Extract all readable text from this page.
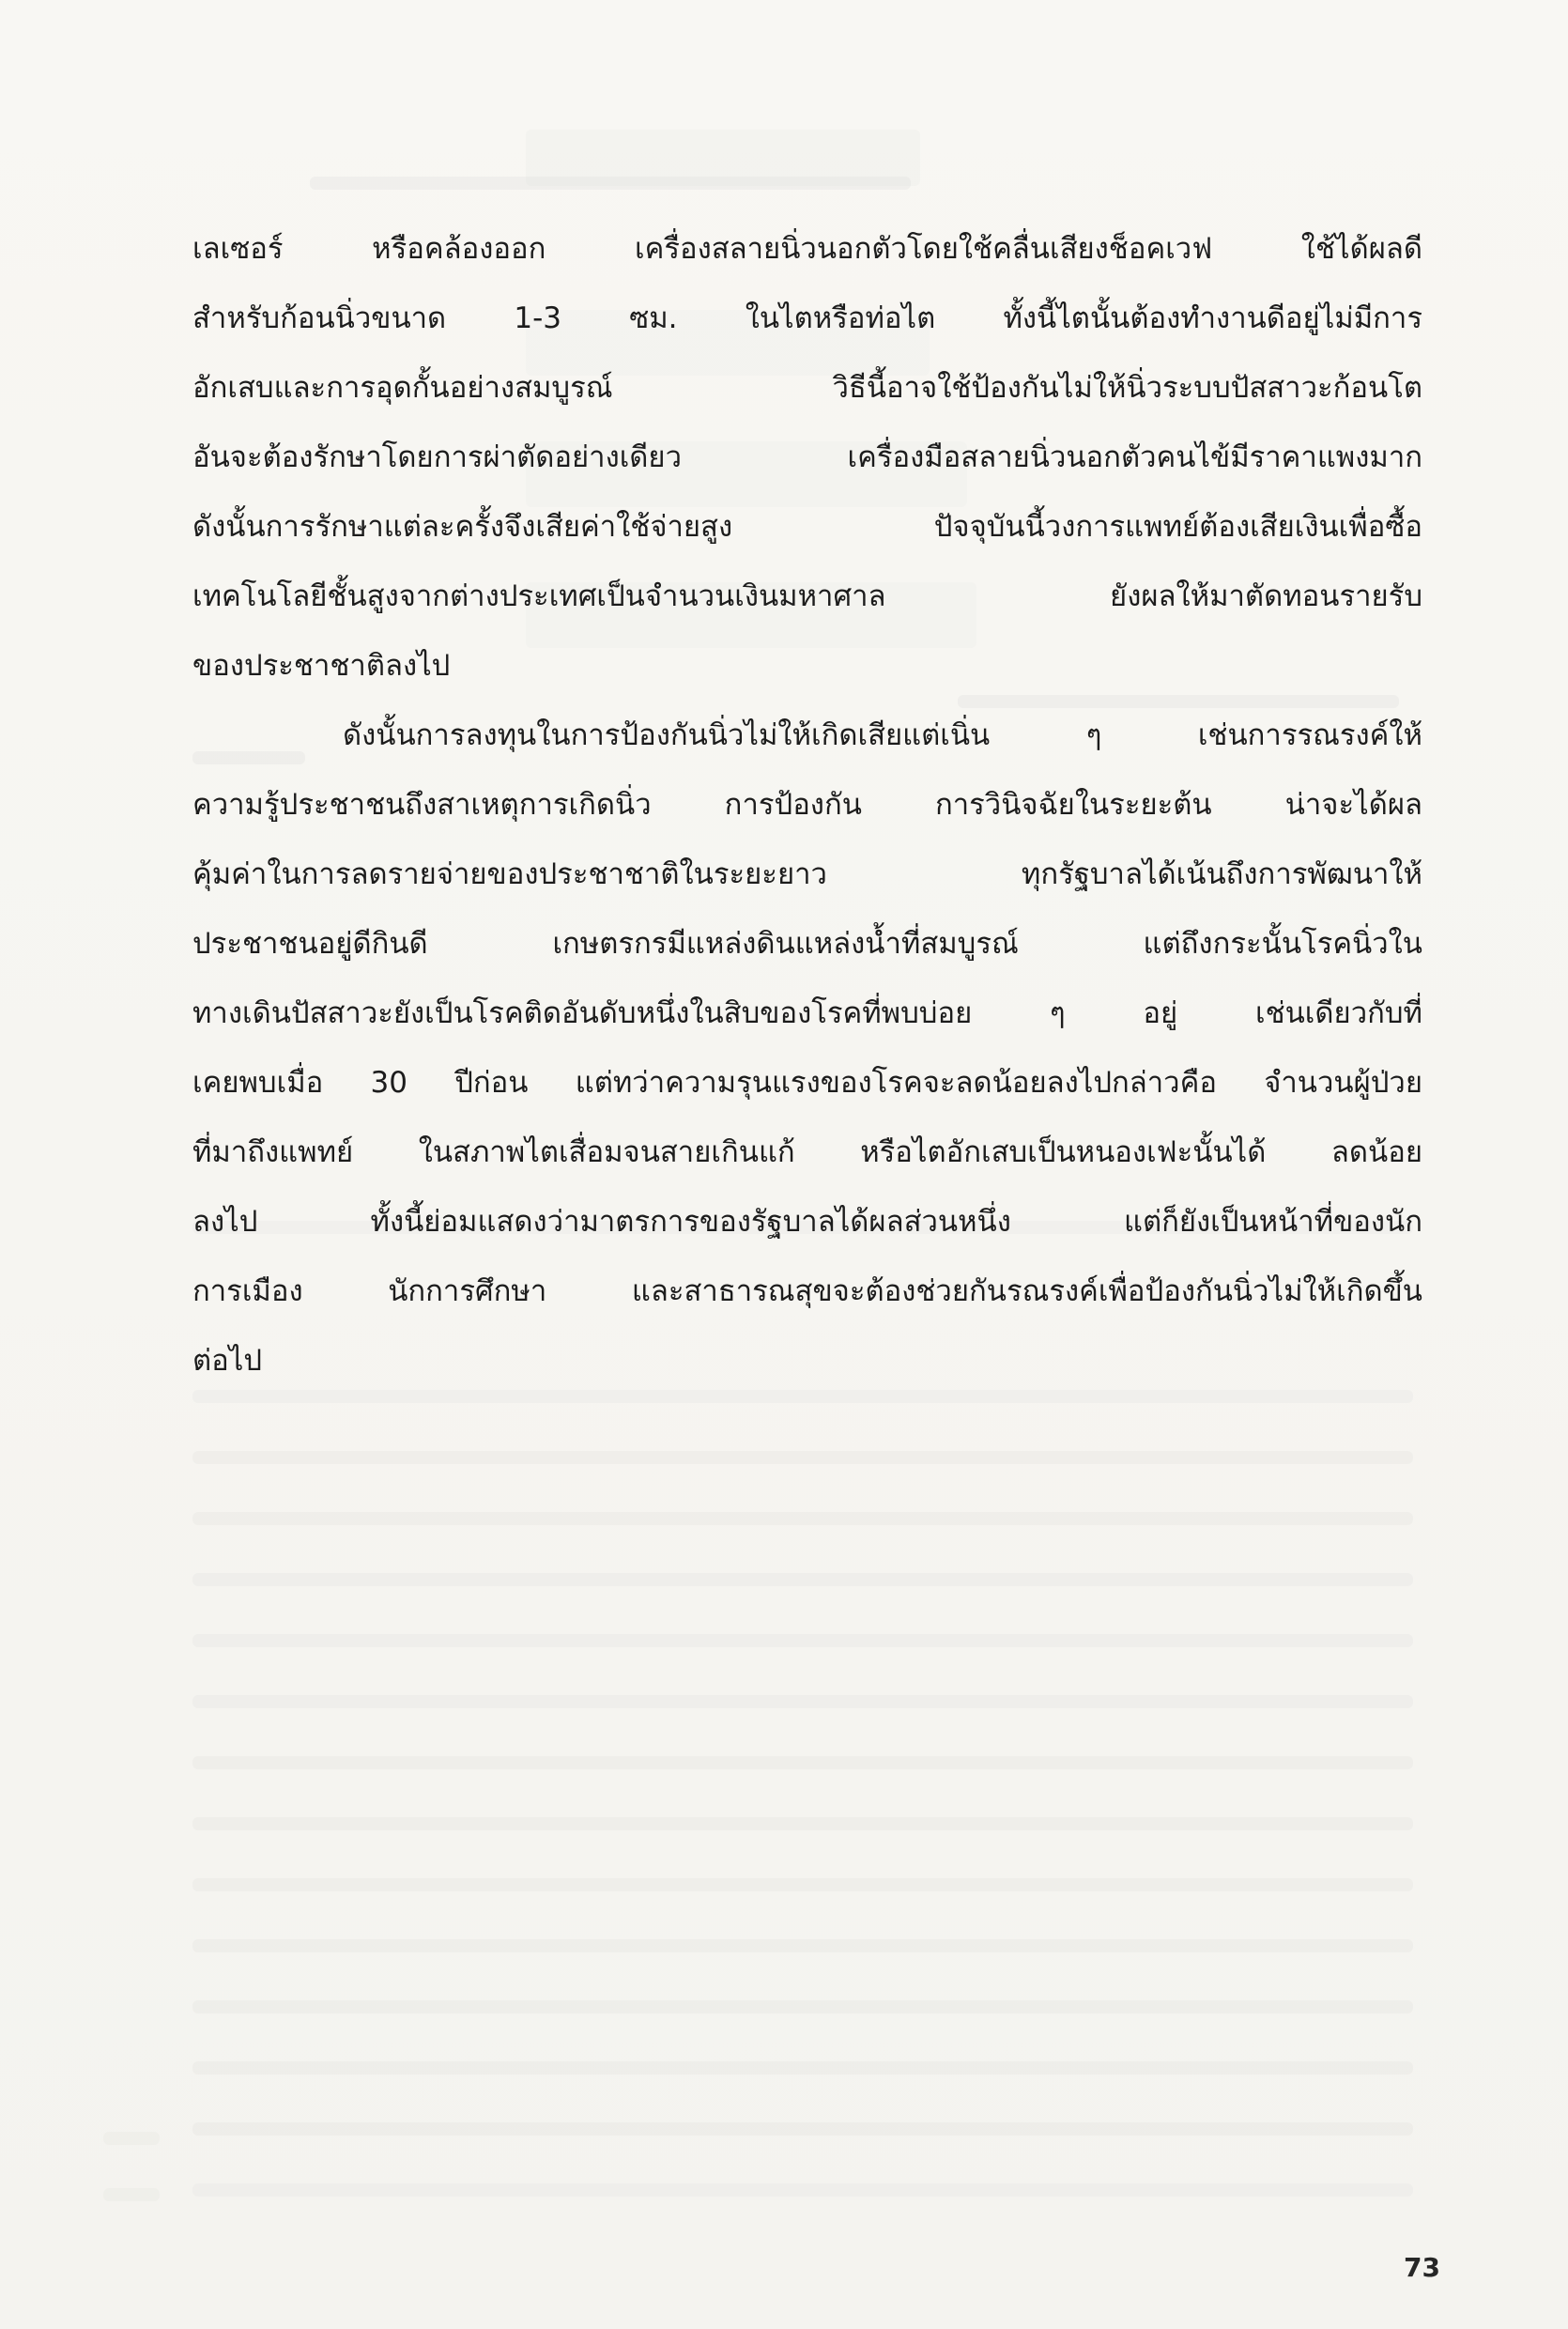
เลเซอร์ หรือคล้องออก เครื่องสลายนิ่วนอกตัวโดยใช้คลื่นเสียงช็อคเวฟ ใช้ได้ผลดี
สำหรับก้อนนิ่วขนาด 1-3 ซม. ในไตหรือท่อไต ทั้งนี้ไตนั้นต้องทำงานดีอยู่ไม่มีการ
อักเสบและการอุดกั้นอย่างสมบูรณ์ วิธีนี้อาจใช้ป้องกันไม่ให้นิ่วระบบปัสสาวะก้อนโต
อันจะต้องรักษาโดยการผ่าตัดอย่างเดียว เครื่องมือสลายนิ่วนอกตัวคนไข้มีราคาแพงมาก
ดังนั้นการรักษาแต่ละครั้งจึงเสียค่าใช้จ่ายสูง ปัจจุบันนี้วงการแพทย์ต้องเสียเงินเพื่อซื้อ
เทคโนโลยีชั้นสูงจากต่างประเทศเป็นจำนวนเงินมหาศาล ยังผลให้มาตัดทอนรายรับ
ของประชาชาติลงไป
ดังนั้นการลงทุนในการป้องกันนิ่วไม่ให้เกิดเสียแต่เนิ่น ๆ เช่นการรณรงค์ให้
ความรู้ประชาชนถึงสาเหตุการเกิดนิ่ว การป้องกัน การวินิจฉัยในระยะต้น น่าจะได้ผล
คุ้มค่าในการลดรายจ่ายของประชาชาติในระยะยาว ทุกรัฐบาลได้เน้นถึงการพัฒนาให้
ประชาชนอยู่ดีกินดี เกษตรกรมีแหล่งดินแหล่งน้ำที่สมบูรณ์ แต่ถึงกระนั้นโรคนิ่วใน
ทางเดินปัสสาวะยังเป็นโรคติดอันดับหนึ่งในสิบของโรคที่พบบ่อย ๆ อยู่ เช่นเดียวกับที่
เคยพบเมื่อ 30 ปีก่อน แต่ทว่าความรุนแรงของโรคจะลดน้อยลงไปกล่าวคือ จำนวนผู้ป่วย
ที่มาถึงแพทย์ ในสภาพไตเสื่อมจนสายเกินแก้ หรือไตอักเสบเป็นหนองเฟะนั้นได้ ลดน้อย
ลงไป ทั้งนี้ย่อมแสดงว่ามาตรการของรัฐบาลได้ผลส่วนหนึ่ง แต่ก็ยังเป็นหน้าที่ของนัก
การเมือง นักการศึกษา และสาธารณสุขจะต้องช่วยกันรณรงค์เพื่อป้องกันนิ่วไม่ให้เกิดขึ้น
ต่อไป
73
